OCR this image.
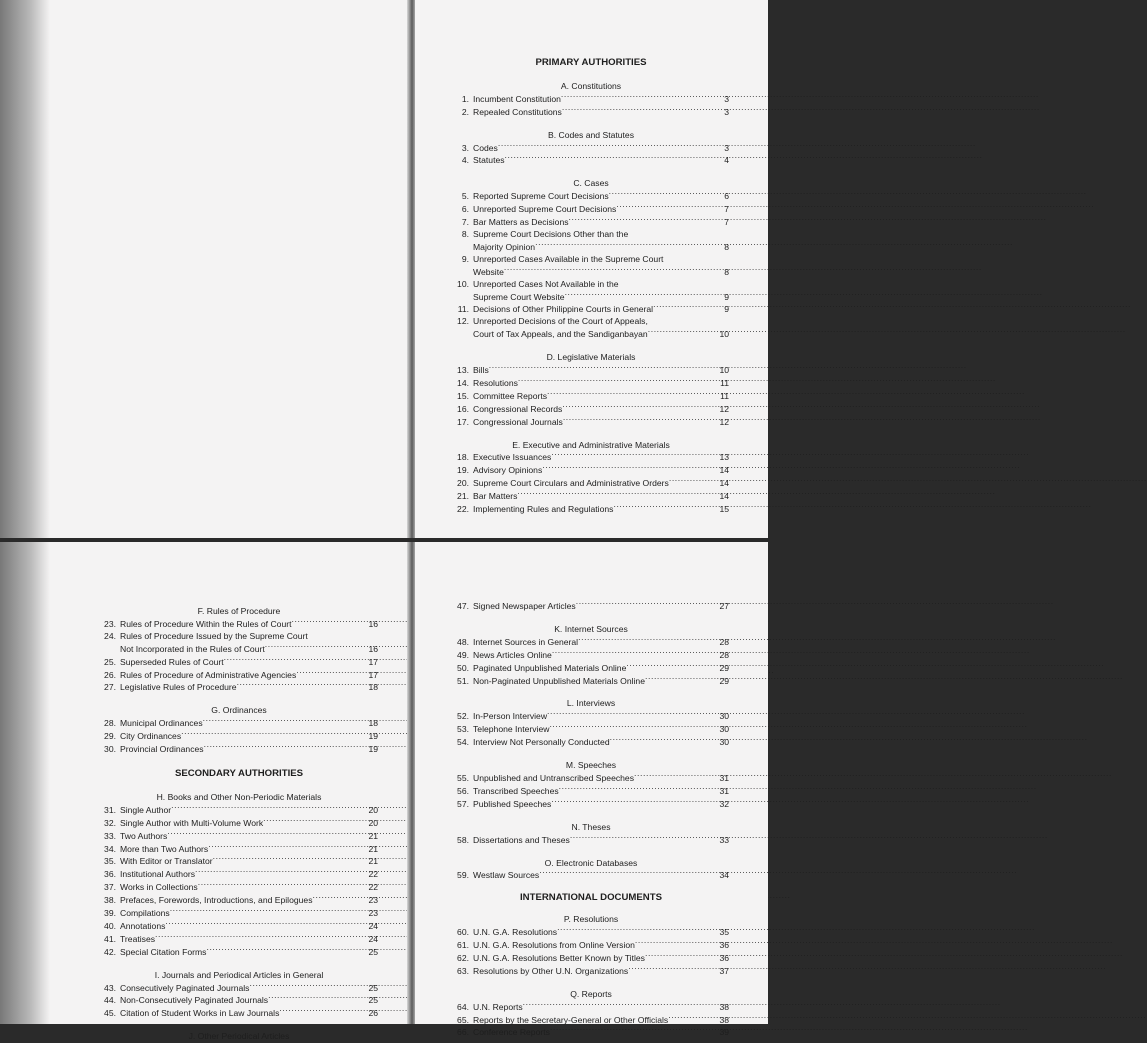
PRIMARY AUTHORITIES
A. Constitutions
1. Incumbent Constitution .....	3
2. Repealed Constitutions .....	3
B. Codes and Statutes
3. Codes .....	3
4. Statutes .....	4
C. Cases
5. Reported Supreme Court Decisions .....	6
6. Unreported Supreme Court Decisions .....	7
7. Bar Matters as Decisions .....	7
8. Supreme Court Decisions Other than the
Majority Opinion .....	8
9. Unreported Cases Available in the Supreme Court
Website .....	8
10. Unreported Cases Not Available in the
Supreme Court Website .....	9
11. Decisions of Other Philippine Courts in General .....	9
12. Unreported Decisions of the Court of Appeals,
Court of Tax Appeals, and the Sandiganbayan .....	10
D. Legislative Materials
13. Bills .....	10
14. Resolutions .....	11
15. Committee Reports .....	11
16. Congressional Records .....	12
17. Congressional Journals .....	12
E. Executive and Administrative Materials
18. Executive Issuances .....	13
19. Advisory Opinions .....	14
20. Supreme Court Circulars and Administrative Orders .....	14
21. Bar Matters .....	14
22. Implementing Rules and Regulations .....	15
F. Rules of Procedure
23. Rules of Procedure Within the Rules of Court .....	16
24. Rules of Procedure Issued by the Supreme Court
Not Incorporated in the Rules of Court .....	16
25. Superseded Rules of Court .....	17
26. Rules of Procedure of Administrative Agencies .....	17
27. Legislative Rules of Procedure .....	18
G. Ordinances
28. Municipal Ordinances .....	18
29. City Ordinances .....	19
30. Provincial Ordinances .....	19
SECONDARY AUTHORITIES
H. Books and Other Non-Periodic Materials
31. Single Author .....	20
32. Single Author with Multi-Volume Work .....	20
33. Two Authors .....	21
34. More than Two Authors .....	21
35. With Editor or Translator .....	21
36. Institutional Authors .....	22
37. Works in Collections .....	22
38. Prefaces, Forewords, Introductions, and Epilogues .....	23
39. Compilations .....	23
40. Annotations .....	24
41. Treatises .....	24
42. Special Citation Forms .....	25
I. Journals and Periodical Articles in General
43. Consecutively Paginated Journals .....	25
44. Non-Consecutively Paginated Journals .....	25
45. Citation of Student Works in Law Journals .....	26
J. Other Periodical Articles
47. Signed Newspaper Articles .....	27
K. Internet Sources
48. Internet Sources in General .....	28
49. News Articles Online .....	28
50. Paginated Unpublished Materials Online .....	29
51. Non-Paginated Unpublished Materials Online .....	29
L. Interviews
52. In-Person Interview .....	30
53. Telephone Interview .....	30
54. Interview Not Personally Conducted .....	30
M. Speeches
55. Unpublished and Untranscribed Speeches .....	31
56. Transcribed Speeches .....	31
57. Published Speeches .....	32
N. Theses
58. Dissertations and Theses .....	33
O. Electronic Databases
59. Westlaw Sources .....	34
INTERNATIONAL DOCUMENTS
P. Resolutions
60. U.N. G.A. Resolutions .....	35
61. U.N. G.A. Resolutions from Online Version .....	36
62. U.N. G.A. Resolutions Better Known by Titles .....	36
63. Resolutions by Other U.N. Organizations .....	37
Q. Reports
64. U.N. Reports .....	38
65. Reports by the Secretary-General or Other Officials .....	38
66. Conference Reports .....	39
